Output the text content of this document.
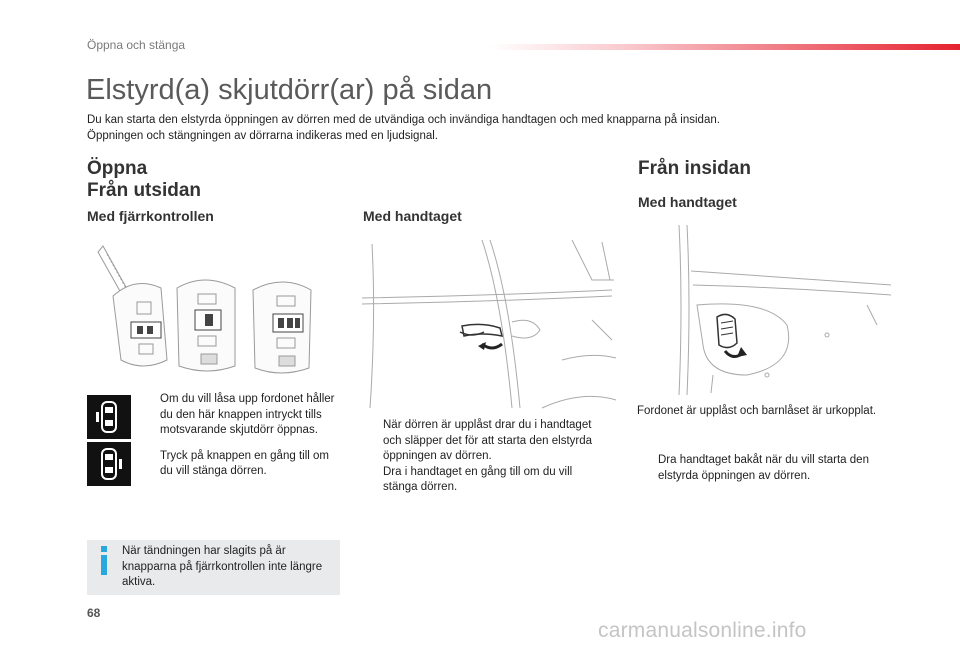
Öppna och stänga
Elstyrd(a) skjutdörr(ar) på sidan

Du kan starta den elstyrda öppningen av dörren med de utvändiga och invändiga handtagen och med knapparna på insidan.

Öppningen och stängningen av dörrarna indikeras med en ljudsignal.

Öppna
Från utsidan
Med fjärrkontrollen
Om du vill låsa upp fordonet håller du den här knappen intryckt tills motsvarande skjutdörr öppnas.
Tryck på knappen en gång till om du vill stänga dörren.
När tändningen har slagits på är knapparna på fjärrkontrollen inte längre aktiva.
Med handtaget
När dörren är upplåst drar du i handtaget och släpper det för att starta den elstyrda öppningen av dörren.
Dra i handtaget en gång till om du vill stänga dörren.
Från insidan
Med handtaget
Fordonet är upplåst och barnlåset är urkopplat.
Dra handtaget bakåt när du vill starta den elstyrda öppningen av dörren.
68
carmanualsonline.info
